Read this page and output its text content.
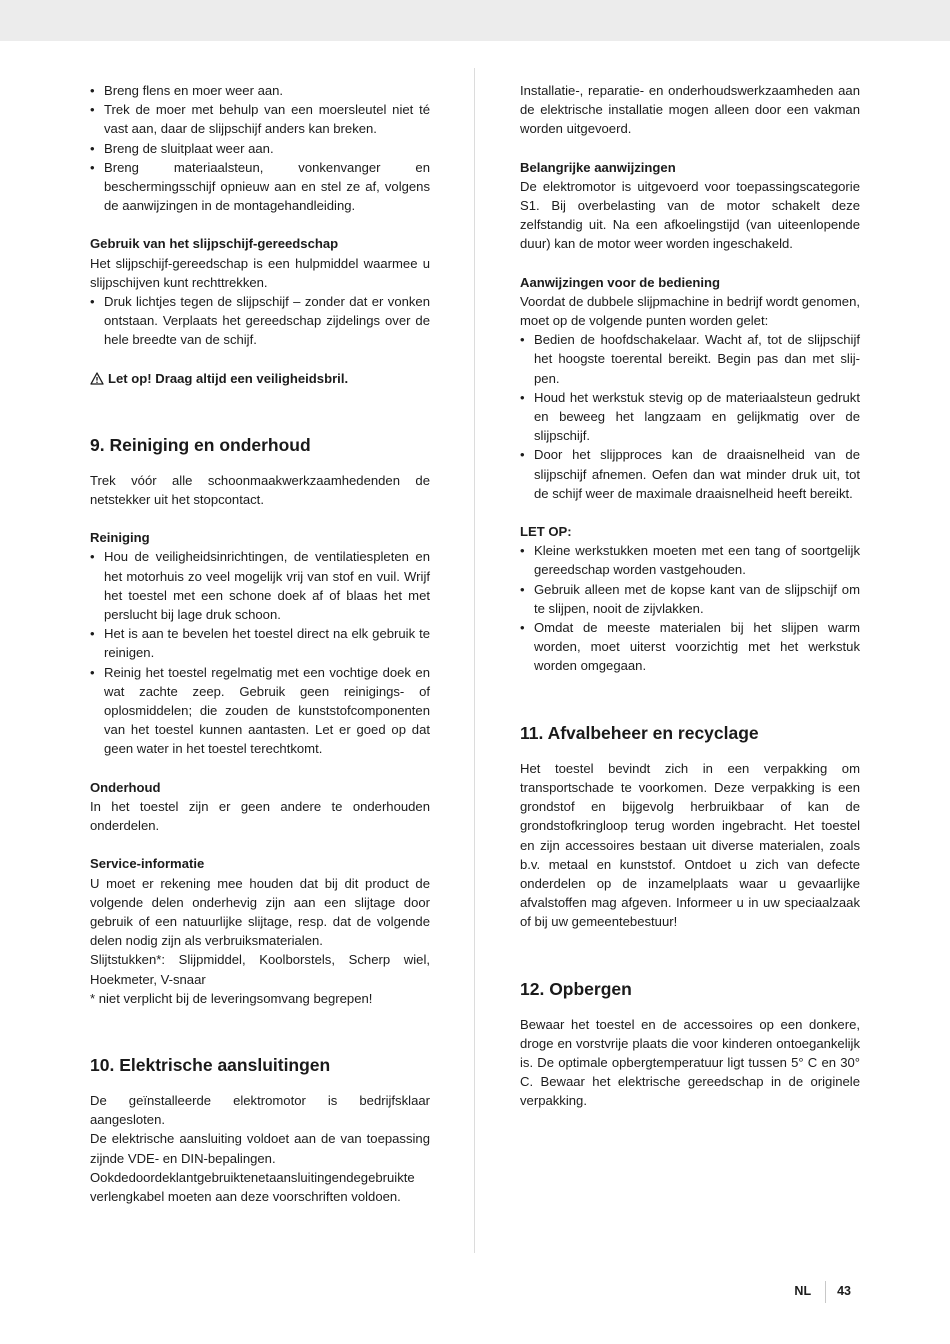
• Breng flens en moer weer aan.
• Trek de moer met behulp van een moersleutel niet té vast aan, daar de slijpschijf anders kan breken.
• Breng de sluitplaat weer aan.
• Breng materiaalsteun, vonkenvanger en beschermingsschijf opnieuw aan en stel ze af, volgens de aanwijzingen in de montagehandleiding.

Gebruik van het slijpschijf-gereedschap

Het slijpschijf-gereedschap is een hulpmiddel waarmee u slijpschijven kunt rechttrekken.

• Druk lichtjes tegen de slijpschijf – zonder dat er vonken ontstaan. Verplaats het gereedschap zijdelings over de hele breedte van de schijf.

Let op! Draag altijd een veiligheidsbril.

9. Reiniging en onderhoud

Trek vóór alle schoonmaakwerkzaamhedenden de netstekker uit het stopcontact.

Reiniging

• Hou de veiligheidsinrichtingen, de ventilatiespleten en het motorhuis zo veel mogelijk vrij van stof en vuil. Wrijf het toestel met een schone doek af of blaas het met perslucht bij lage druk schoon.
• Het is aan te bevelen het toestel direct na elk gebruik te reinigen.
• Reinig het toestel regelmatig met een vochtige doek en wat zachte zeep. Gebruik geen reinigings- of oplosmiddelen; die zouden de kunststofcomponenten van het toestel kunnen aantasten. Let er goed op dat geen water in het toestel terechtkomt.

Onderhoud

In het toestel zijn er geen andere te onderhouden onderdelen.

Service-informatie

U moet er rekening mee houden dat bij dit product de volgende delen onderhevig zijn aan een slijtage door gebruik of een natuurlijke slijtage, resp. dat de volgende delen nodig zijn als verbruiksmaterialen.

Slijtstukken*: Slijpmiddel, Koolborstels, Scherp wiel, Hoekmeter, V-snaar

* niet verplicht bij de leveringsomvang begrepen!

10. Elektrische aansluitingen

De geïnstalleerde elektromotor is bedrijfsklaar aangesloten.

De elektrische aansluiting voldoet aan de van toepassing zijnde VDE- en DIN-bepalingen.

Ookdedoordeklantgebruiktenetaansluitingendegebruikte verlengkabel moeten aan deze voorschriften voldoen.

Installatie-, reparatie- en onderhoudswerkzaamheden aan de elektrische installatie mogen alleen door een vakman worden uitgevoerd.

Belangrijke aanwijzingen

De elektromotor is uitgevoerd voor toepassingscategorie S1. Bij overbelasting van de motor schakelt deze zelfstandig uit. Na een afkoelingstijd (van uiteenlopende duur) kan de motor weer worden ingeschakeld.

Aanwijzingen voor de bediening

Voordat de dubbele slijpmachine in bedrijf wordt genomen, moet op de volgende punten worden gelet:

• Bedien de hoofdschakelaar. Wacht af, tot de slijpschijf het hoogste toerental bereikt. Begin pas dan met slij-pen.
• Houd het werkstuk stevig op de materiaalsteun gedrukt en beweeg het langzaam en gelijkmatig over de slijpschijf.
• Door het slijpproces kan de draaisnelheid van de slijpschijf afnemen. Oefen dan wat minder druk uit, tot de schijf weer de maximale draaisnelheid heeft bereikt.

LET OP:

• Kleine werkstukken moeten met een tang of soortgelijk gereedschap worden vastgehouden.
• Gebruik alleen met de kopse kant van de slijpschijf om te slijpen, nooit de zijvlakken.
• Omdat de meeste materialen bij het slijpen warm worden, moet uiterst voorzichtig met het werkstuk worden omgegaan.
11. Afvalbeheer en recyclage

Het toestel bevindt zich in een verpakking om transportschade te voorkomen. Deze verpakking is een grondstof en bijgevolg herbruikbaar of kan de grondstofkringloop terug worden ingebracht. Het toestel en zijn accessoires bestaan uit diverse materialen, zoals b.v. metaal en kunststof. Ontdoet u zich van defecte onderdelen op de inzamelplaats waar u gevaarlijke afvalstoffen mag afgeven. Informeer u in uw speciaalzaak of bij uw gemeentebestuur!

12. Opbergen

Bewaar het toestel en de accessoires op een donkere, droge en vorstvrije plaats die voor kinderen ontoegankelijk is. De optimale opbergtemperatuur ligt tussen 5° C en 30° C. Bewaar het elektrische gereedschap in de originele verpakking.

NL 43
